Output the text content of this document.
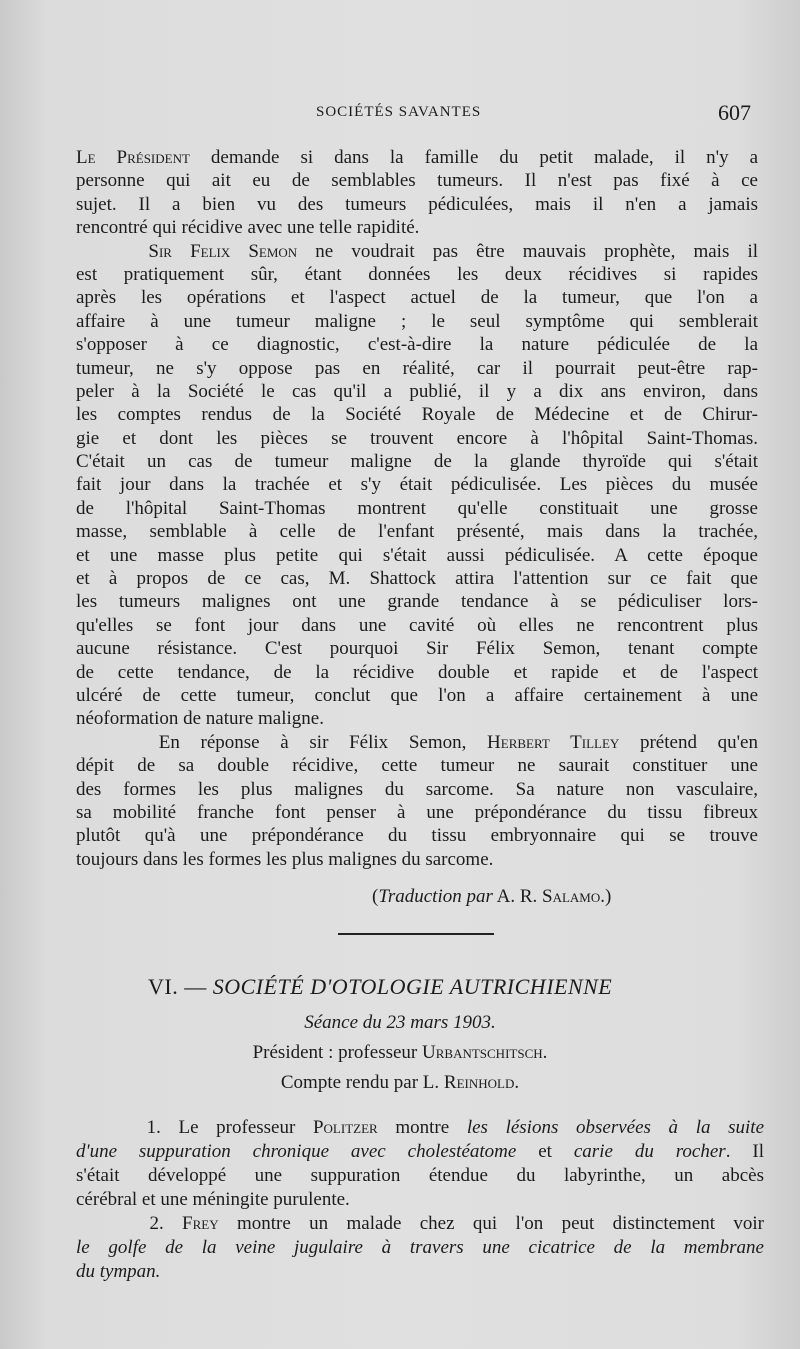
SOCIÉTÉS SAVANTES	607
Le Président demande si dans la famille du petit malade, il n'y a
personne qui ait eu de semblables tumeurs. Il n'est pas fixé à ce
sujet. Il a bien vu des tumeurs pédiculées, mais il n'en a jamais
rencontré qui récidive avec une telle rapidité.
Sir Felix Semon ne voudrait pas être mauvais prophète, mais il
est pratiquement sûr, étant données les deux récidives si rapides
après les opérations et l'aspect actuel de la tumeur, que l'on a
affaire à une tumeur maligne ; le seul symptôme qui semblerait
s'opposer à ce diagnostic, c'est-à-dire la nature pédiculée de la
tumeur, ne s'y oppose pas en réalité, car il pourrait peut-être rap-
peler à la Société le cas qu'il a publié, il y a dix ans environ, dans
les comptes rendus de la Société Royale de Médecine et de Chirur-
gie et dont les pièces se trouvent encore à l'hôpital Saint-Thomas.
C'était un cas de tumeur maligne de la glande thyroïde qui s'était
fait jour dans la trachée et s'y était pédiculisée. Les pièces du musée
de l'hôpital Saint-Thomas montrent qu'elle constituait une grosse
masse, semblable à celle de l'enfant présenté, mais dans la trachée,
et une masse plus petite qui s'était aussi pédiculisée. A cette époque
et à propos de ce cas, M. Shattock attira l'attention sur ce fait que
les tumeurs malignes ont une grande tendance à se pédiculiser lors-
qu'elles se font jour dans une cavité où elles ne rencontrent plus
aucune résistance. C'est pourquoi Sir Félix Semon, tenant compte
de cette tendance, de la récidive double et rapide et de l'aspect
ulcéré de cette tumeur, conclut que l'on a affaire certainement à une
néoformation de nature maligne.
En réponse à sir Félix Semon, Herbert Tilley prétend qu'en
dépit de sa double récidive, cette tumeur ne saurait constituer une
des formes les plus malignes du sarcome. Sa nature non vasculaire,
sa mobilité franche font penser à une prépondérance du tissu fibreux
plutôt qu'à une prépondérance du tissu embryonnaire qui se trouve
toujours dans les formes les plus malignes du sarcome.
(Traduction par A. R. Salamo.)
VI. — SOCIÉTÉ D'OTOLOGIE AUTRICHIENNE
Séance du 23 mars 1903.
Président : professeur Urbantschitsch.
Compte rendu par L. Reinhold.
1. Le professeur Politzer montre les lésions observées à la suite
d'une suppuration chronique avec cholestéatome et carie du rocher. Il
s'était développé une suppuration étendue du labyrinthe, un abcès
cérébral et une méningite purulente.
2. Frey montre un malade chez qui l'on peut distinctement voir
le golfe de la veine jugulaire à travers une cicatrice de la membrane
du tympan.
